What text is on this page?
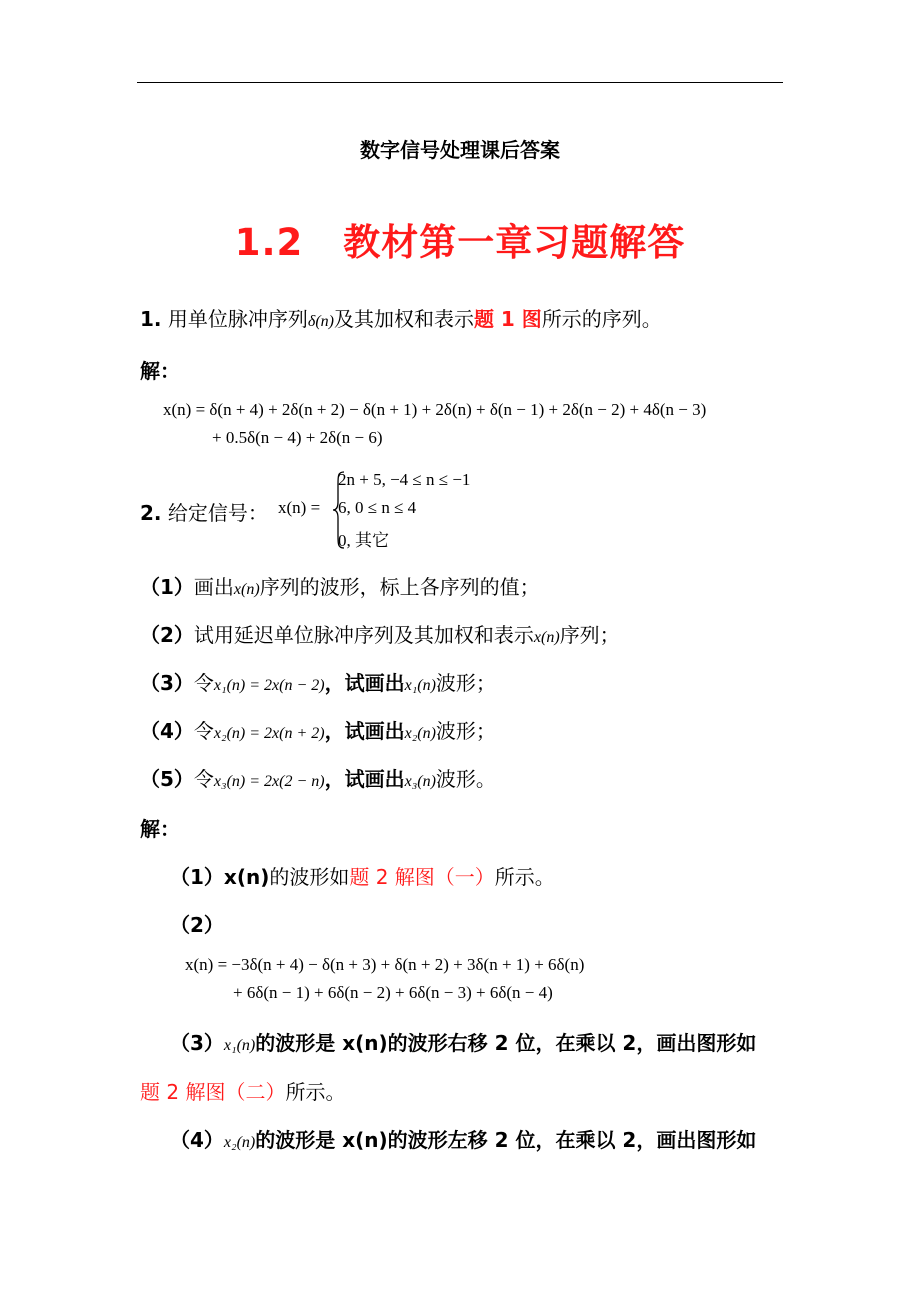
数字信号处理课后答案
1.2 教材第一章习题解答
1. 用单位脉冲序列δ(n)及其加权和表示题 1 图所示的序列。
解：
x(n) = δ(n + 4) + 2δ(n + 2) − δ(n + 1) + 2δ(n) + δ(n − 1) + 2δ(n − 2) + 4δ(n − 3)
+ 0.5δ(n − 4) + 2δ(n − 6)
2. 给定信号： x(n) =
2n + 5, −4 ≤ n ≤ −1
6, 0 ≤ n ≤ 4
0, 其它
（1）画出x(n)序列的波形，标上各序列的值；
（2）试用延迟单位脉冲序列及其加权和表示x(n)序列；
（3）令x₁(n) = 2x(n − 2)，试画出x₁(n)波形；
（4）令x₂(n) = 2x(n + 2)，试画出x₂(n)波形；
（5）令x₃(n) = 2x(2 − n)，试画出x₃(n)波形。
解：
（1）x(n)的波形如题 2 解图（一）所示。
（2）
x(n) = −3δ(n + 4) − δ(n + 3) + δ(n + 2) + 3δ(n + 1) + 6δ(n)
+ 6δ(n − 1) + 6δ(n − 2) + 6δ(n − 3) + 6δ(n − 4)
（3）x₁(n)的波形是 x(n)的波形右移 2 位，在乘以 2，画出图形如
题 2 解图（二）所示。
（4）x₂(n)的波形是 x(n)的波形左移 2 位，在乘以 2，画出图形如
